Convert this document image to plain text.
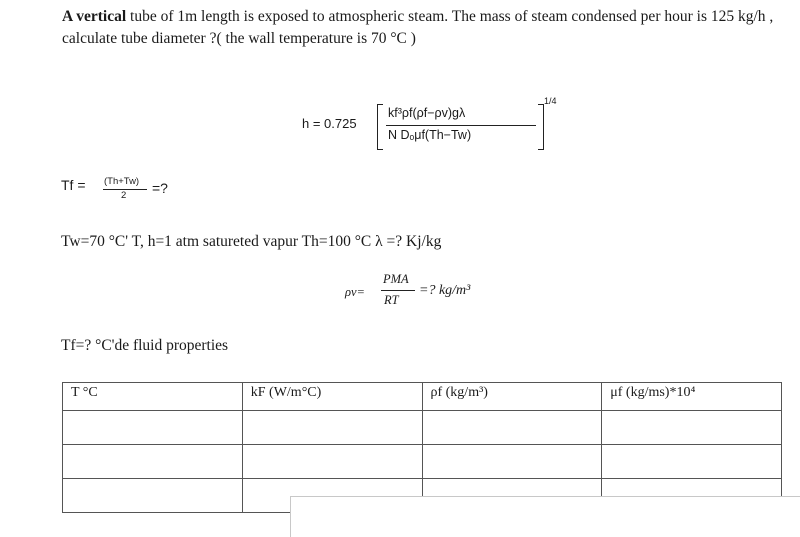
A vertical tube of 1m length is exposed to atmospheric steam. The mass of steam condensed per hour is 125 kg/h , calculate tube diameter ?( the wall temperature is 70 °C )
h = 0.725
kf³ρf(ρf−ρv)gλ
N Dₒμf(Th−Tw)
1/4
Tf = (Th+Tw)
2 =?
Tw=70 °C' T, h=1 atm satureted vapur Th=100 °C λ =? Kj/kg
ρv=
PMA
RT
=? kg/m³
Tf=? °C'de fluid properties
T °C	kF (W/m°C)	ρf (kg/m³)	μf (kg/ms)*10⁴
